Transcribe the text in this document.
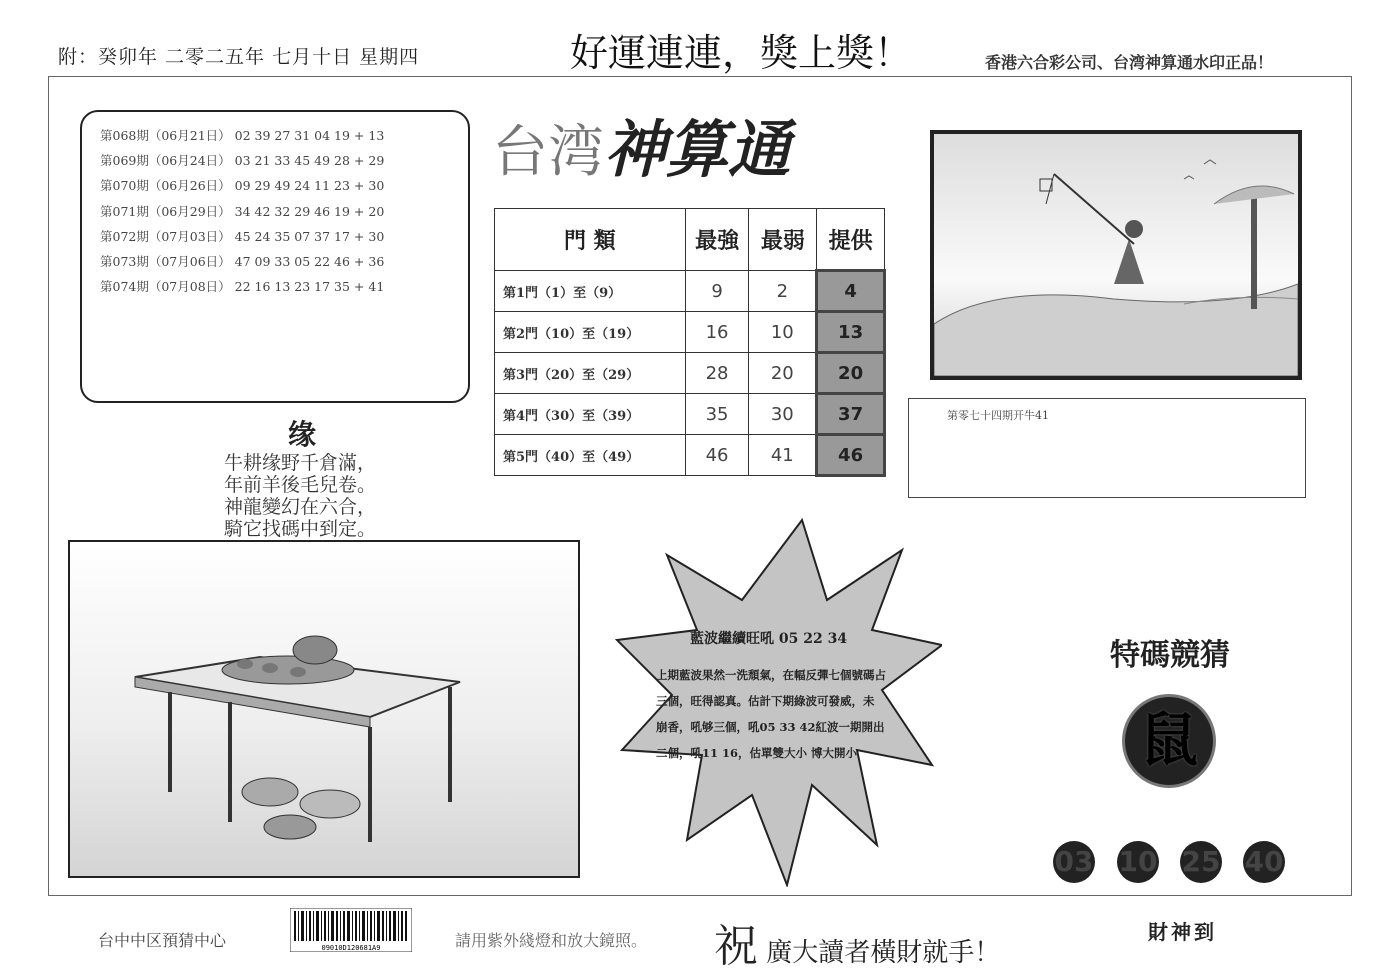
附：癸卯年 二零二五年 七月十日 星期四	好運連連，獎上獎！	香港六合彩公司、台湾神算通水印正品！
第068期（06月21日） 02 39 27 31 04 19 + 13
第069期（06月24日） 03 21 33 45 49 28 + 29
第070期（06月26日） 09 29 49 24 11 23 + 30
第071期（06月29日） 34 42 32 29 46 19 + 20
第072期（07月03日） 45 24 35 07 37 17 + 30
第073期（07月06日） 47 09 33 05 22 46 + 36
第074期（07月08日） 22 16 13 23 17 35 + 41
台湾神算通
門 類	最強	最弱	提供
第1門（1）至（9）	9	2	4
第2門（10）至（19）	16	10	13
第3門（20）至（29）	28	20	20
第4門（30）至（39）	35	30	37
第5門（40）至（49）	46	41	46
第零七十四期开牛41
缘
牛耕缘野千倉滿，
年前羊後毛兒卷。
神龍變幻在六合，
騎它找碼中到定。
藍波繼續旺吼 05 22 34
上期藍波果然一洗頹氣，在幅反彈七個號碼占
三個，旺得認真。估計下期綠波可發威，未
崩香，吼够三個，吼05 33 42紅波一期開出
二個，吼11 16，估單雙大小 博大開小
特碼競猜
鼠
03 10 25 40
台中中区預猜中心	09010D120681A9	請用紫外綫燈和放大鏡照。 祝 廣大讀者橫財就手！
財神到
